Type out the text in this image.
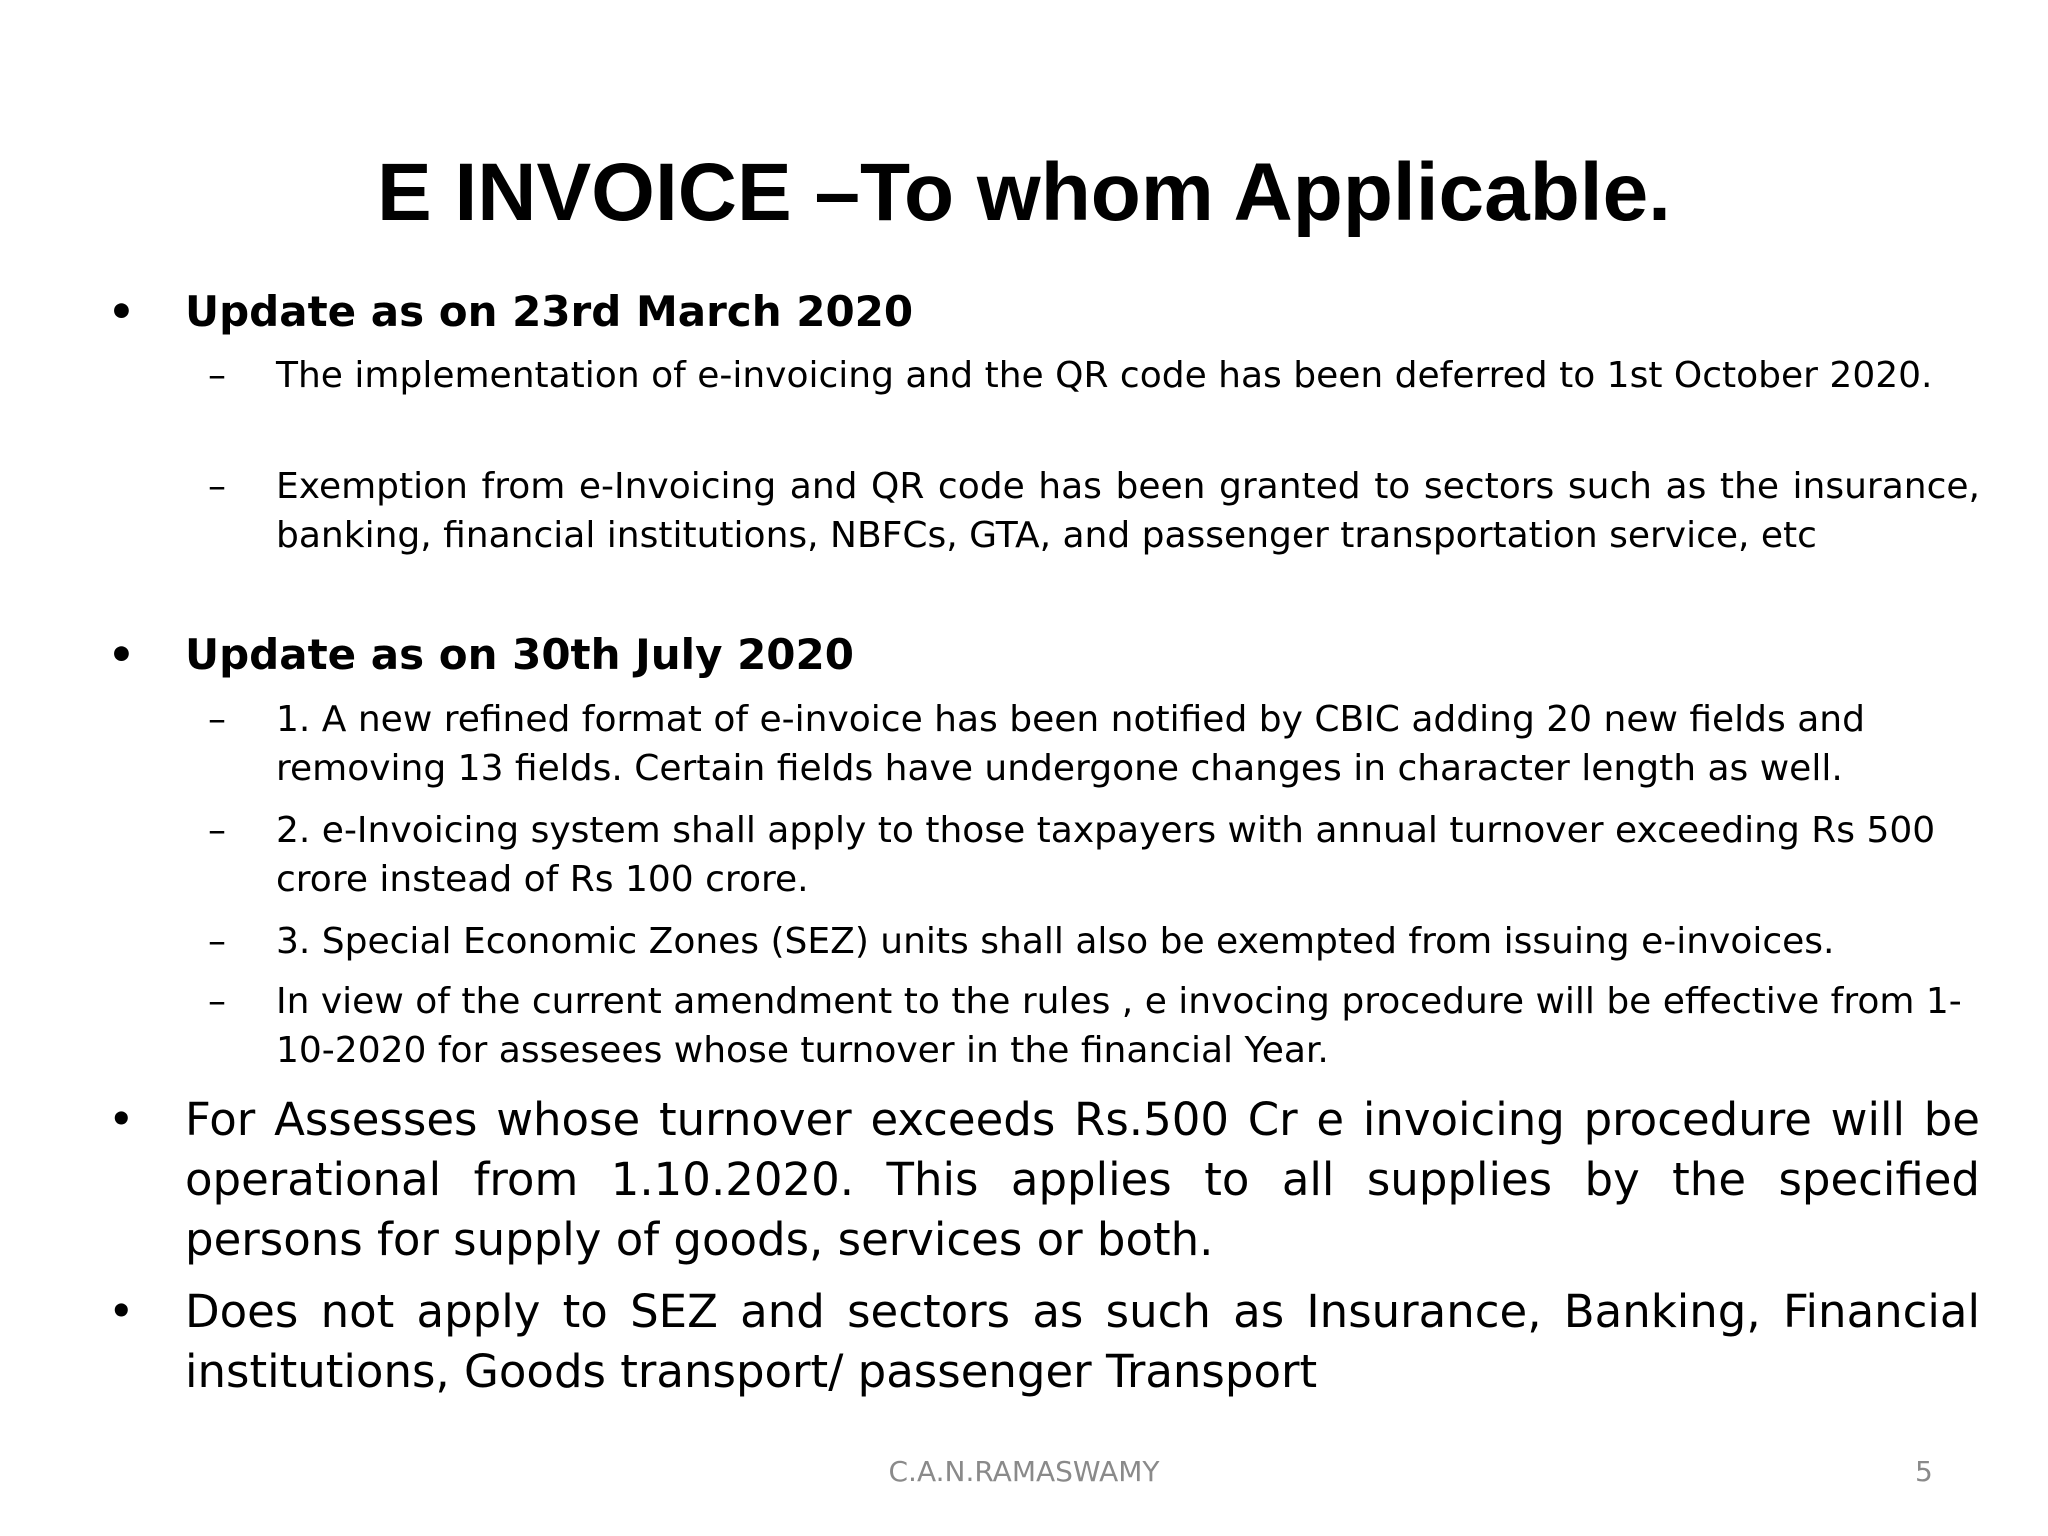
E INVOICE –To whom Applicable.
• Update as on 23rd March 2020
– The implementation of e-invoicing and the QR code has been deferred to 1st October 2020.
– Exemption from e-Invoicing and QR code has been granted to sectors such as the insurance, banking, financial institutions, NBFCs, GTA, and passenger transportation service, etc
• Update as on 30th July 2020
– 1. A new refined format of e-invoice has been notified by CBIC adding 20 new fields and removing 13 fields. Certain fields have undergone changes in character length as well.
– 2. e-Invoicing system shall apply to those taxpayers with annual turnover exceeding Rs 500 crore instead of Rs 100 crore.
– 3. Special Economic Zones (SEZ) units shall also be exempted from issuing e-invoices.
– In view of the current amendment to the rules , e invocing procedure will be effective from 1-10-2020 for assesees whose turnover in the financial Year.
• For Assesses whose turnover exceeds Rs.500 Cr e invoicing procedure will be operational from 1.10.2020. This applies to all supplies by the specified persons for supply of goods, services or both.
• Does not apply to SEZ and sectors as such as Insurance, Banking, Financial institutions, Goods transport/ passenger Transport
C.A.N.RAMASWAMY	5
